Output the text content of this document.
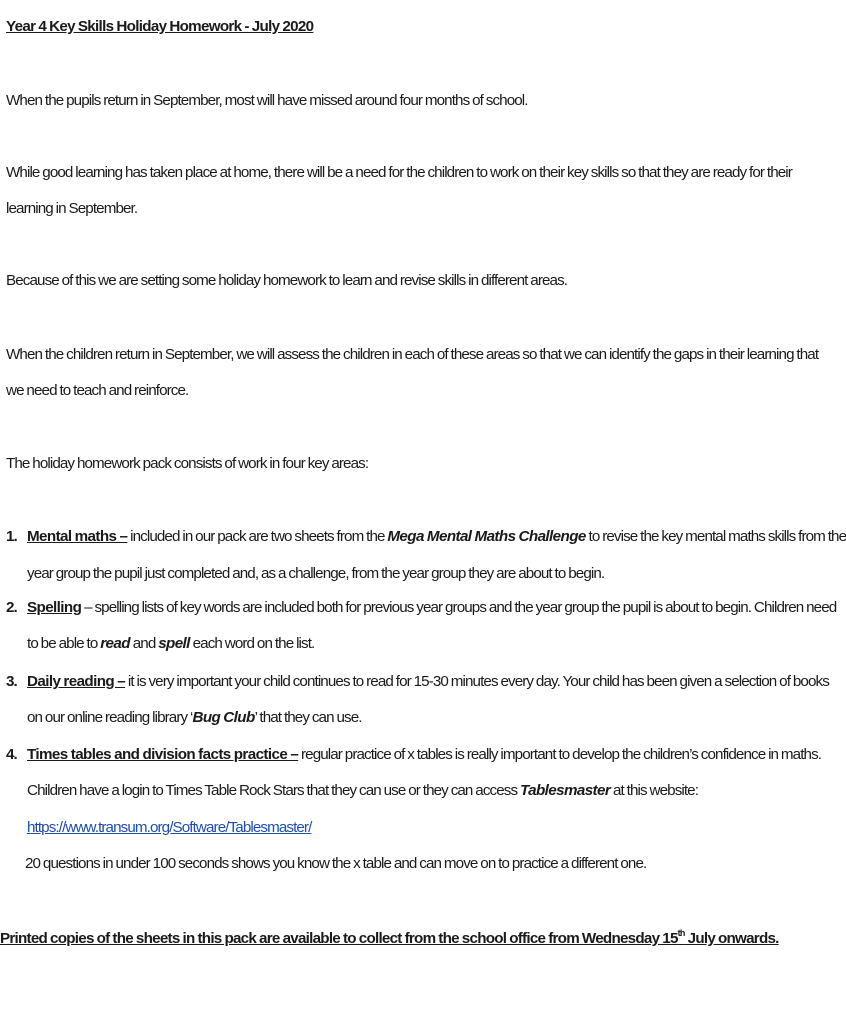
Year 4 Key Skills Holiday Homework - July 2020
When the pupils return in September, most will have missed around four months of school.
While good learning has taken place at home, there will be a need for the children to work on their key skills so that they are ready for their
learning in September.
Because of this we are setting some holiday homework to learn and revise skills in different areas.
When the children return in September, we will assess the children in each of these areas so that we can identify the gaps in their learning that
we need to teach and reinforce.
The holiday homework pack consists of work in four key areas:
1. Mental maths – included in our pack are two sheets from the Mega Mental Maths Challenge to revise the key mental maths skills from the
year group the pupil just completed and, as a challenge, from the year group they are about to begin.
2. Spelling – spelling lists of key words are included both for previous year groups and the year group the pupil is about to begin. Children need
to be able to read and spell each word on the list.
3. Daily reading – it is very important your child continues to read for 15-30 minutes every day. Your child has been given a selection of books
on our online reading library ‘Bug Club’ that they can use.
4. Times tables and division facts practice – regular practice of x tables is really important to develop the children’s confidence in maths.
Children have a login to Times Table Rock Stars that they can use or they can access Tablesmaster at this website:
https://www.transum.org/Software/Tablesmaster/
20 questions in under 100 seconds shows you know the x table and can move on to practice a different one.
Printed copies of the sheets in this pack are available to collect from the school office from Wednesday 15th July onwards.
